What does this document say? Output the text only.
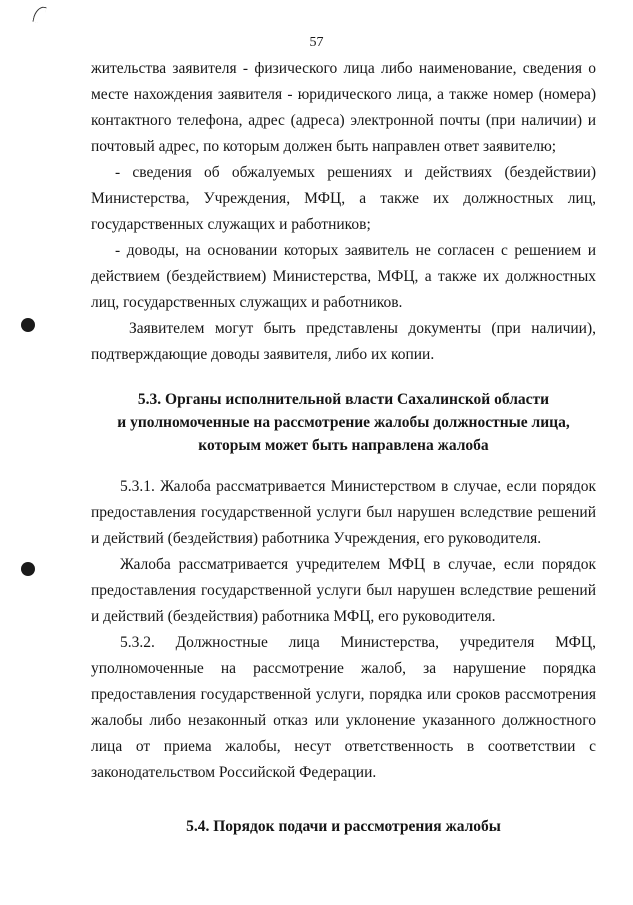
57

жительства заявителя - физического лица либо наименование, сведения о месте нахождения заявителя - юридического лица, а также номер (номера) контактного телефона, адрес (адреса) электронной почты (при наличии) и почтовый адрес, по которым должен быть направлен ответ заявителю;

- сведения об обжалуемых решениях и действиях (бездействии) Министерства, Учреждения, МФЦ, а также их должностных лиц, государственных служащих и работников;

- доводы, на основании которых заявитель не согласен с решением и действием (бездействием) Министерства, МФЦ, а также их должностных лиц, государственных служащих и работников.

Заявителем могут быть представлены документы (при наличии), подтверждающие доводы заявителя, либо их копии.

5.3. Органы исполнительной власти Сахалинской области
и уполномоченные на рассмотрение жалобы должностные лица,
которым может быть направлена жалоба

5.3.1. Жалоба рассматривается Министерством в случае, если порядок предоставления государственной услуги был нарушен вследствие решений и действий (бездействия) работника Учреждения, его руководителя.

Жалоба рассматривается учредителем МФЦ в случае, если порядок предоставления государственной услуги был нарушен вследствие решений и действий (бездействия) работника МФЦ, его руководителя.

5.3.2. Должностные лица Министерства, учредителя МФЦ, уполномоченные на рассмотрение жалоб, за нарушение порядка предоставления государственной услуги, порядка или сроков рассмотрения жалобы либо незаконный отказ или уклонение указанного должностного лица от приема жалобы, несут ответственность в соответствии с законодательством Российской Федерации.

5.4. Порядок подачи и рассмотрения жалобы
